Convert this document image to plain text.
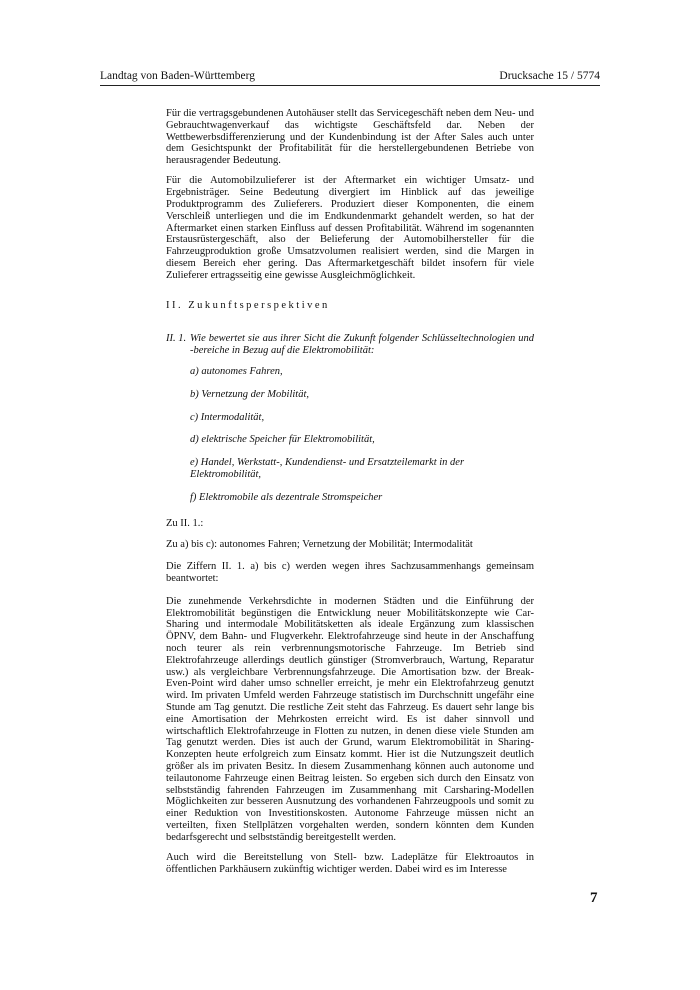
Landtag von Baden-Württemberg	Drucksache 15 / 5774

Für die vertragsgebundenen Autohäuser stellt das Servicegeschäft neben dem Neu- und Gebrauchtwagenverkauf das wichtigste Geschäftsfeld dar. Neben der Wettbewerbsdifferenzierung und der Kundenbindung ist der After Sales auch unter dem Gesichtspunkt der Profitabilität für die herstellergebundenen Betriebe von herausragender Bedeutung.

Für die Automobilzulieferer ist der Aftermarket ein wichtiger Umsatz- und Ergebnisträger. Seine Bedeutung divergiert im Hinblick auf das jeweilige Produktprogramm des Zulieferers. Produziert dieser Komponenten, die einem Verschleiß unterliegen und die im Endkundenmarkt gehandelt werden, so hat der Aftermarket einen starken Einfluss auf dessen Profitabilität. Während im sogenannten Erstausrüstergeschäft, also der Belieferung der Automobilhersteller für die Fahrzeugproduktion große Umsatzvolumen realisiert werden, sind die Margen in diesem Bereich eher gering. Das Aftermarketgeschäft bildet insofern für viele Zulieferer ertragsseitig eine gewisse Ausgleichmöglichkeit.

II. Zukunftsperspektiven
II. 1. Wie bewertet sie aus ihrer Sicht die Zukunft folgender Schlüsseltechnologien und -bereiche in Bezug auf die Elektromobilität:
a) autonomes Fahren,
b) Vernetzung der Mobilität,
c) Intermodalität,
d) elektrische Speicher für Elektromobilität,
e) Handel, Werkstatt-, Kundendienst- und Ersatzteilemarkt in der Elektromobilität,
f) Elektromobile als dezentrale Stromspeicher

Zu II. 1.:

Zu a) bis c): autonomes Fahren; Vernetzung der Mobilität; Intermodalität

Die Ziffern II. 1. a) bis c) werden wegen ihres Sachzusammenhangs gemeinsam beantwortet:

Die zunehmende Verkehrsdichte in modernen Städten und die Einführung der Elektromobilität begünstigen die Entwicklung neuer Mobilitätskonzepte wie Car-Sharing und intermodale Mobilitätsketten als ideale Ergänzung zum klassischen ÖPNV, dem Bahn- und Flugverkehr. Elektrofahrzeuge sind heute in der Anschaffung noch teurer als rein verbrennungsmotorische Fahrzeuge. Im Betrieb sind Elektrofahrzeuge allerdings deutlich günstiger (Stromverbrauch, Wartung, Reparatur usw.) als vergleichbare Verbrennungsfahrzeuge. Die Amortisation bzw. der Break-Even-Point wird daher umso schneller erreicht, je mehr ein Elektrofahrzeug genutzt wird. Im privaten Umfeld werden Fahrzeuge statistisch im Durchschnitt ungefähr eine Stunde am Tag genutzt. Die restliche Zeit steht das Fahrzeug. Es dauert sehr lange bis eine Amortisation der Mehrkosten erreicht wird. Es ist daher sinnvoll und wirtschaftlich Elektrofahrzeuge in Flotten zu nutzen, in denen diese viele Stunden am Tag genutzt werden. Dies ist auch der Grund, warum Elektromobilität in Sharing-Konzepten heute erfolgreich zum Einsatz kommt. Hier ist die Nutzungszeit deutlich größer als im privaten Besitz. In diesem Zusammenhang können auch autonome und teilautonome Fahrzeuge einen Beitrag leisten. So ergeben sich durch den Einsatz von selbstständig fahrenden Fahrzeugen im Zusammenhang mit Carsharing-Modellen Möglichkeiten zur besseren Ausnutzung des vorhandenen Fahrzeugpools und somit zu einer Reduktion von Investitionskosten. Autonome Fahrzeuge müssen nicht an verteilten, fixen Stellplätzen vorgehalten werden, sondern könnten dem Kunden bedarfsgerecht und selbstständig bereitgestellt werden.

Auch wird die Bereitstellung von Stell- bzw. Ladeplätze für Elektroautos in öffentlichen Parkhäusern zukünftig wichtiger werden. Dabei wird es im Interesse

7
